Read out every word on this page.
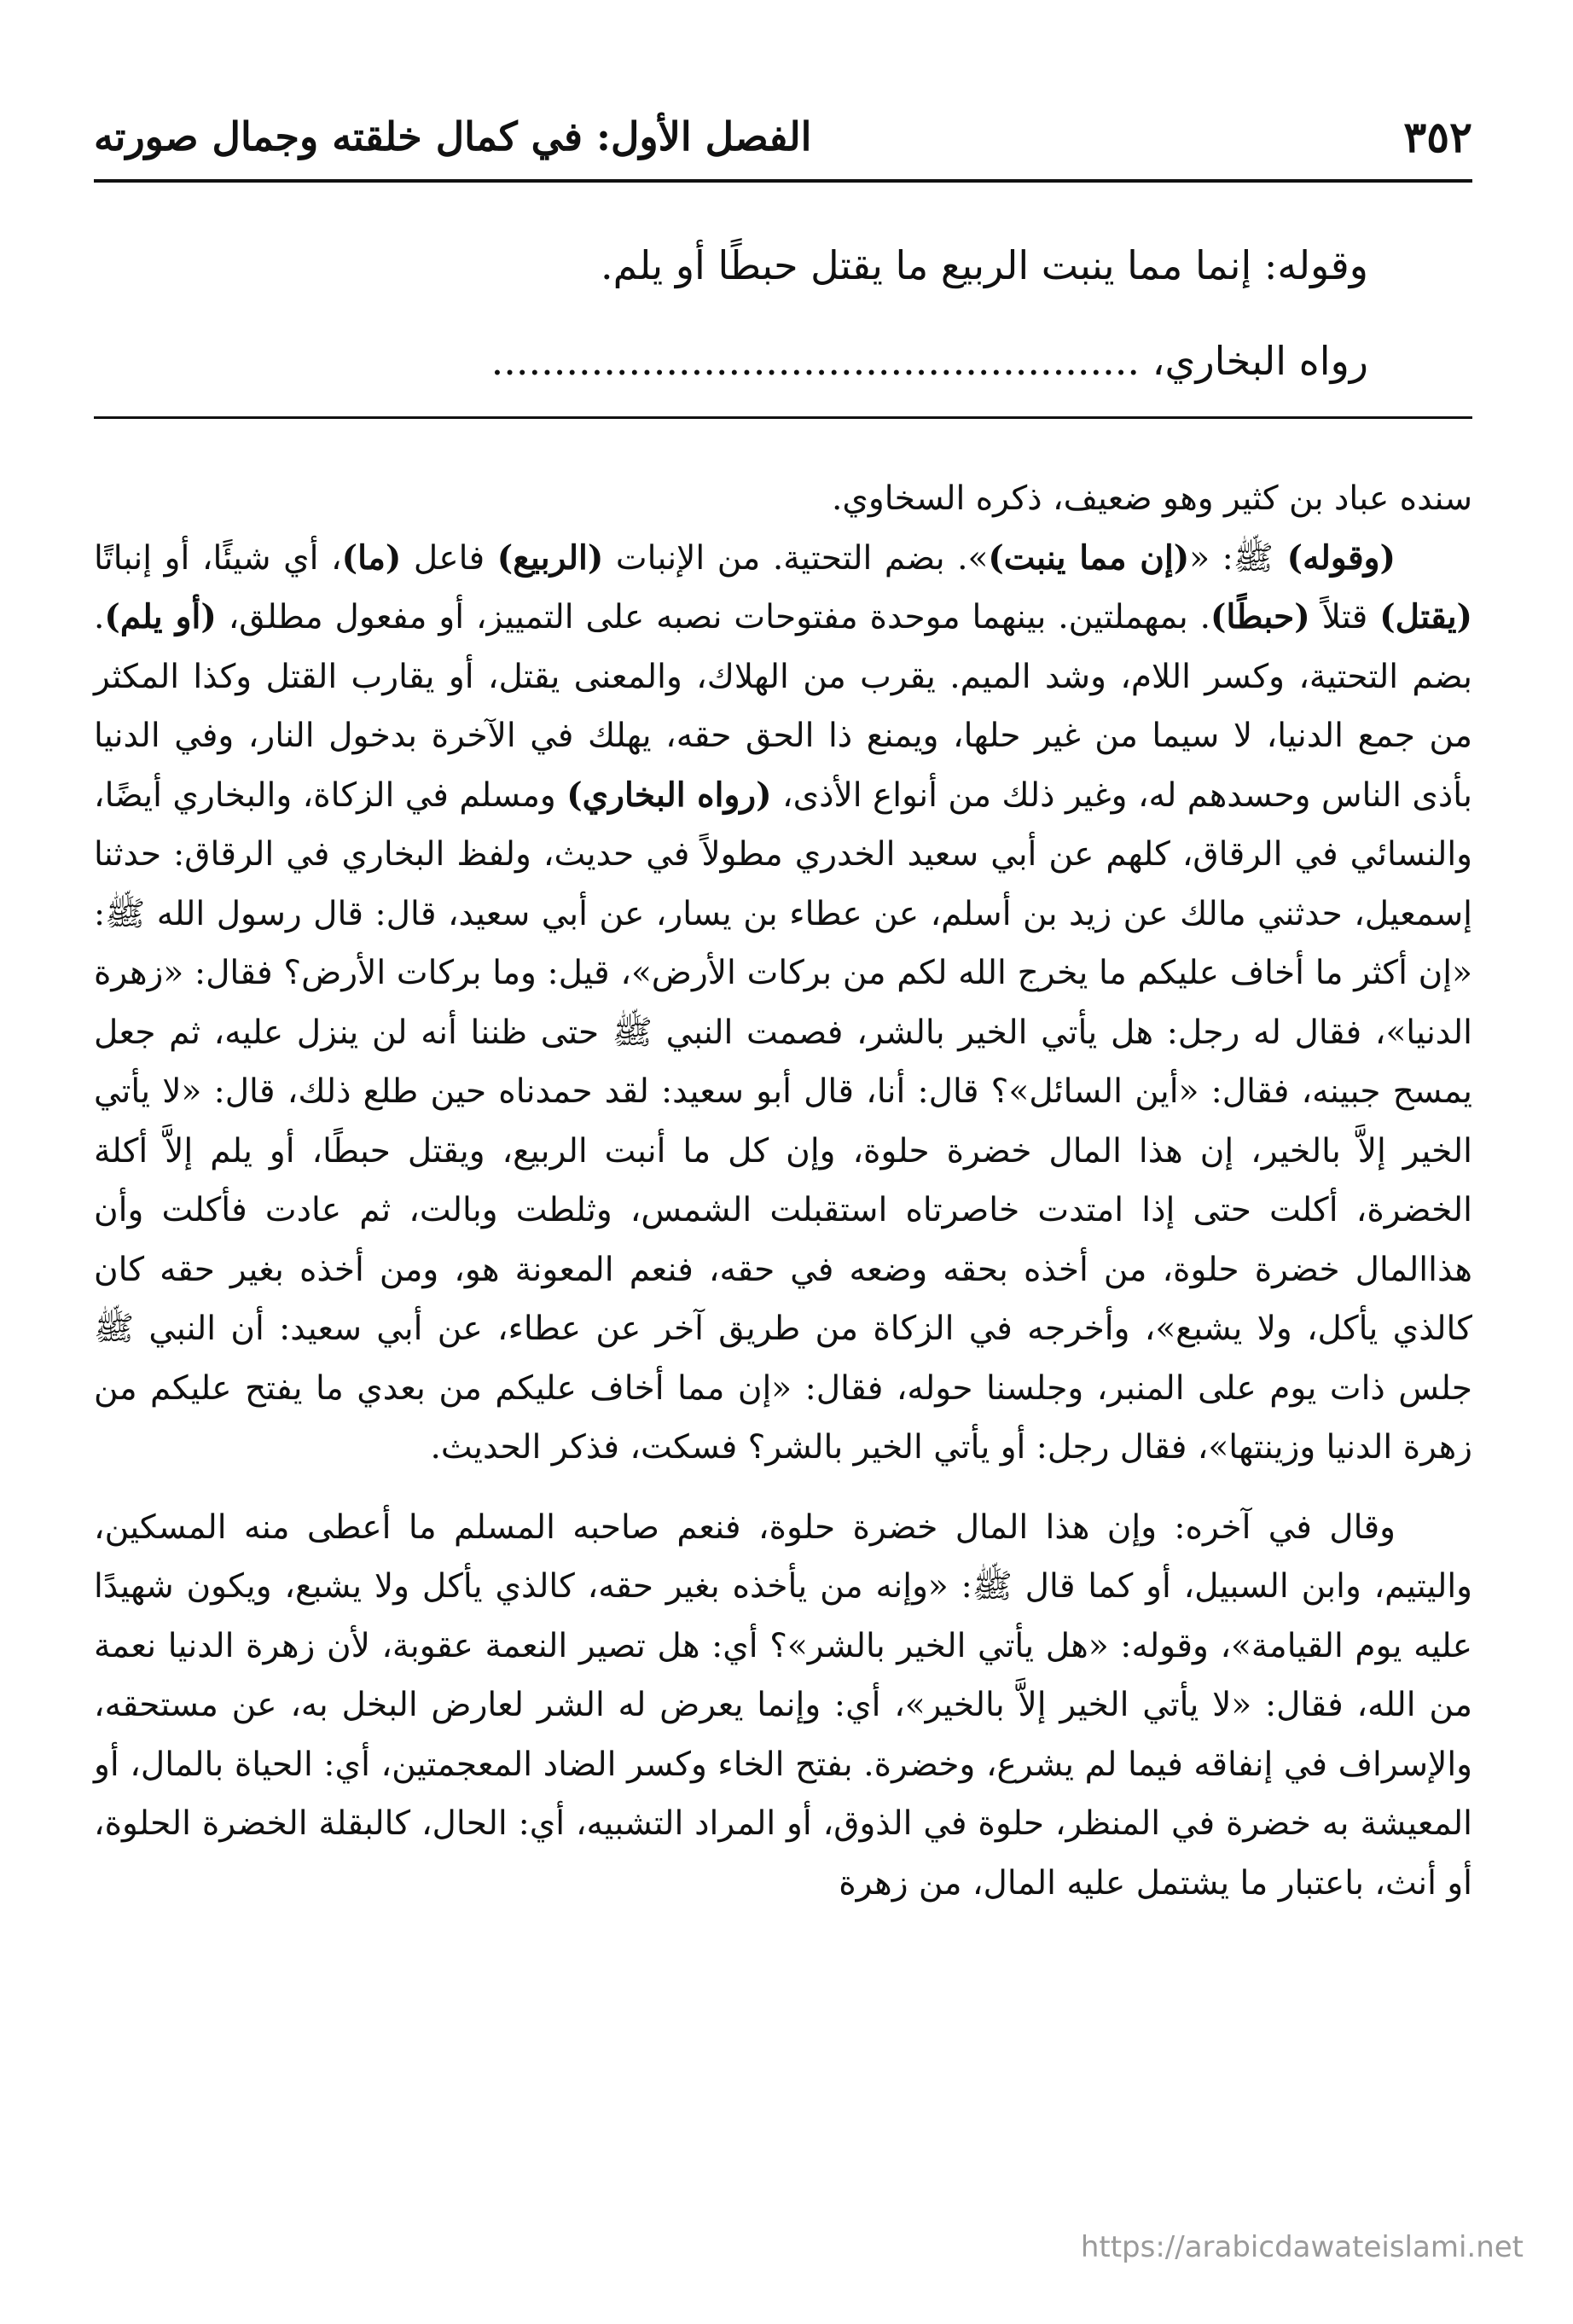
٣٥٢
الفصل الأول: في كمال خلقته وجمال صورته

وقوله: إنما مما ينبت الربيع ما يقتل حبطًا أو يلم.

رواه البخاري، ....................................................

سنده عباد بن كثير وهو ضعيف، ذكره السخاوي.

(وقوله) ﷺ: «(إن مما ينبت)». بضم التحتية. من الإنبات (الربيع) فاعل (ما)، أي شيئًا، أو إنباتًا (يقتل) قتلاً (حبطًا). بمهملتين. بينهما موحدة مفتوحات نصبه على التمييز، أو مفعول مطلق، (أو يلم). بضم التحتية، وكسر اللام، وشد الميم. يقرب من الهلاك، والمعنى يقتل، أو يقارب القتل وكذا المكثر من جمع الدنيا، لا سيما من غير حلها، ويمنع ذا الحق حقه، يهلك في الآخرة بدخول النار، وفي الدنيا بأذى الناس وحسدهم له، وغير ذلك من أنواع الأذى، (رواه البخاري) ومسلم في الزكاة، والبخاري أيضًا، والنسائي في الرقاق، كلهم عن أبي سعيد الخدري مطولاً في حديث، ولفظ البخاري في الرقاق: حدثنا إسمعيل، حدثني مالك عن زيد بن أسلم، عن عطاء بن يسار، عن أبي سعيد، قال: قال رسول الله ﷺ: «إن أكثر ما أخاف عليكم ما يخرج الله لكم من بركات الأرض»، قيل: وما بركات الأرض؟ فقال: «زهرة الدنيا»، فقال له رجل: هل يأتي الخير بالشر، فصمت النبي ﷺ حتى ظننا أنه لن ينزل عليه، ثم جعل يمسح جبينه، فقال: «أين السائل»؟ قال: أنا، قال أبو سعيد: لقد حمدناه حين طلع ذلك، قال: «لا يأتي الخير إلاَّ بالخير، إن هذا المال خضرة حلوة، وإن كل ما أنبت الربيع، ويقتل حبطًا، أو يلم إلاَّ أكلة الخضرة، أكلت حتى إذا امتدت خاصرتاه استقبلت الشمس، وثلطت وبالت، ثم عادت فأكلت وأن هذاالمال خضرة حلوة، من أخذه بحقه وضعه في حقه، فنعم المعونة هو، ومن أخذه بغير حقه كان كالذي يأكل، ولا يشبع»، وأخرجه في الزكاة من طريق آخر عن عطاء، عن أبي سعيد: أن النبي ﷺ جلس ذات يوم على المنبر، وجلسنا حوله، فقال: «إن مما أخاف عليكم من بعدي ما يفتح عليكم من زهرة الدنيا وزينتها»، فقال رجل: أو يأتي الخير بالشر؟ فسكت، فذكر الحديث.

وقال في آخره: وإن هذا المال خضرة حلوة، فنعم صاحبه المسلم ما أعطى منه المسكين، واليتيم، وابن السبيل، أو كما قال ﷺ: «وإنه من يأخذه بغير حقه، كالذي يأكل ولا يشبع، ويكون شهيدًا عليه يوم القيامة»، وقوله: «هل يأتي الخير بالشر»؟ أي: هل تصير النعمة عقوبة، لأن زهرة الدنيا نعمة من الله، فقال: «لا يأتي الخير إلاَّ بالخير»، أي: وإنما يعرض له الشر لعارض البخل به، عن مستحقه، والإسراف في إنفاقه فيما لم يشرع، وخضرة. بفتح الخاء وكسر الضاد المعجمتين، أي: الحياة بالمال، أو المعيشة به خضرة في المنظر، حلوة في الذوق، أو المراد التشبيه، أي: الحال، كالبقلة الخضرة الحلوة، أو أنث، باعتبار ما يشتمل عليه المال، من زهرة

https://arabicdawateislami.net
